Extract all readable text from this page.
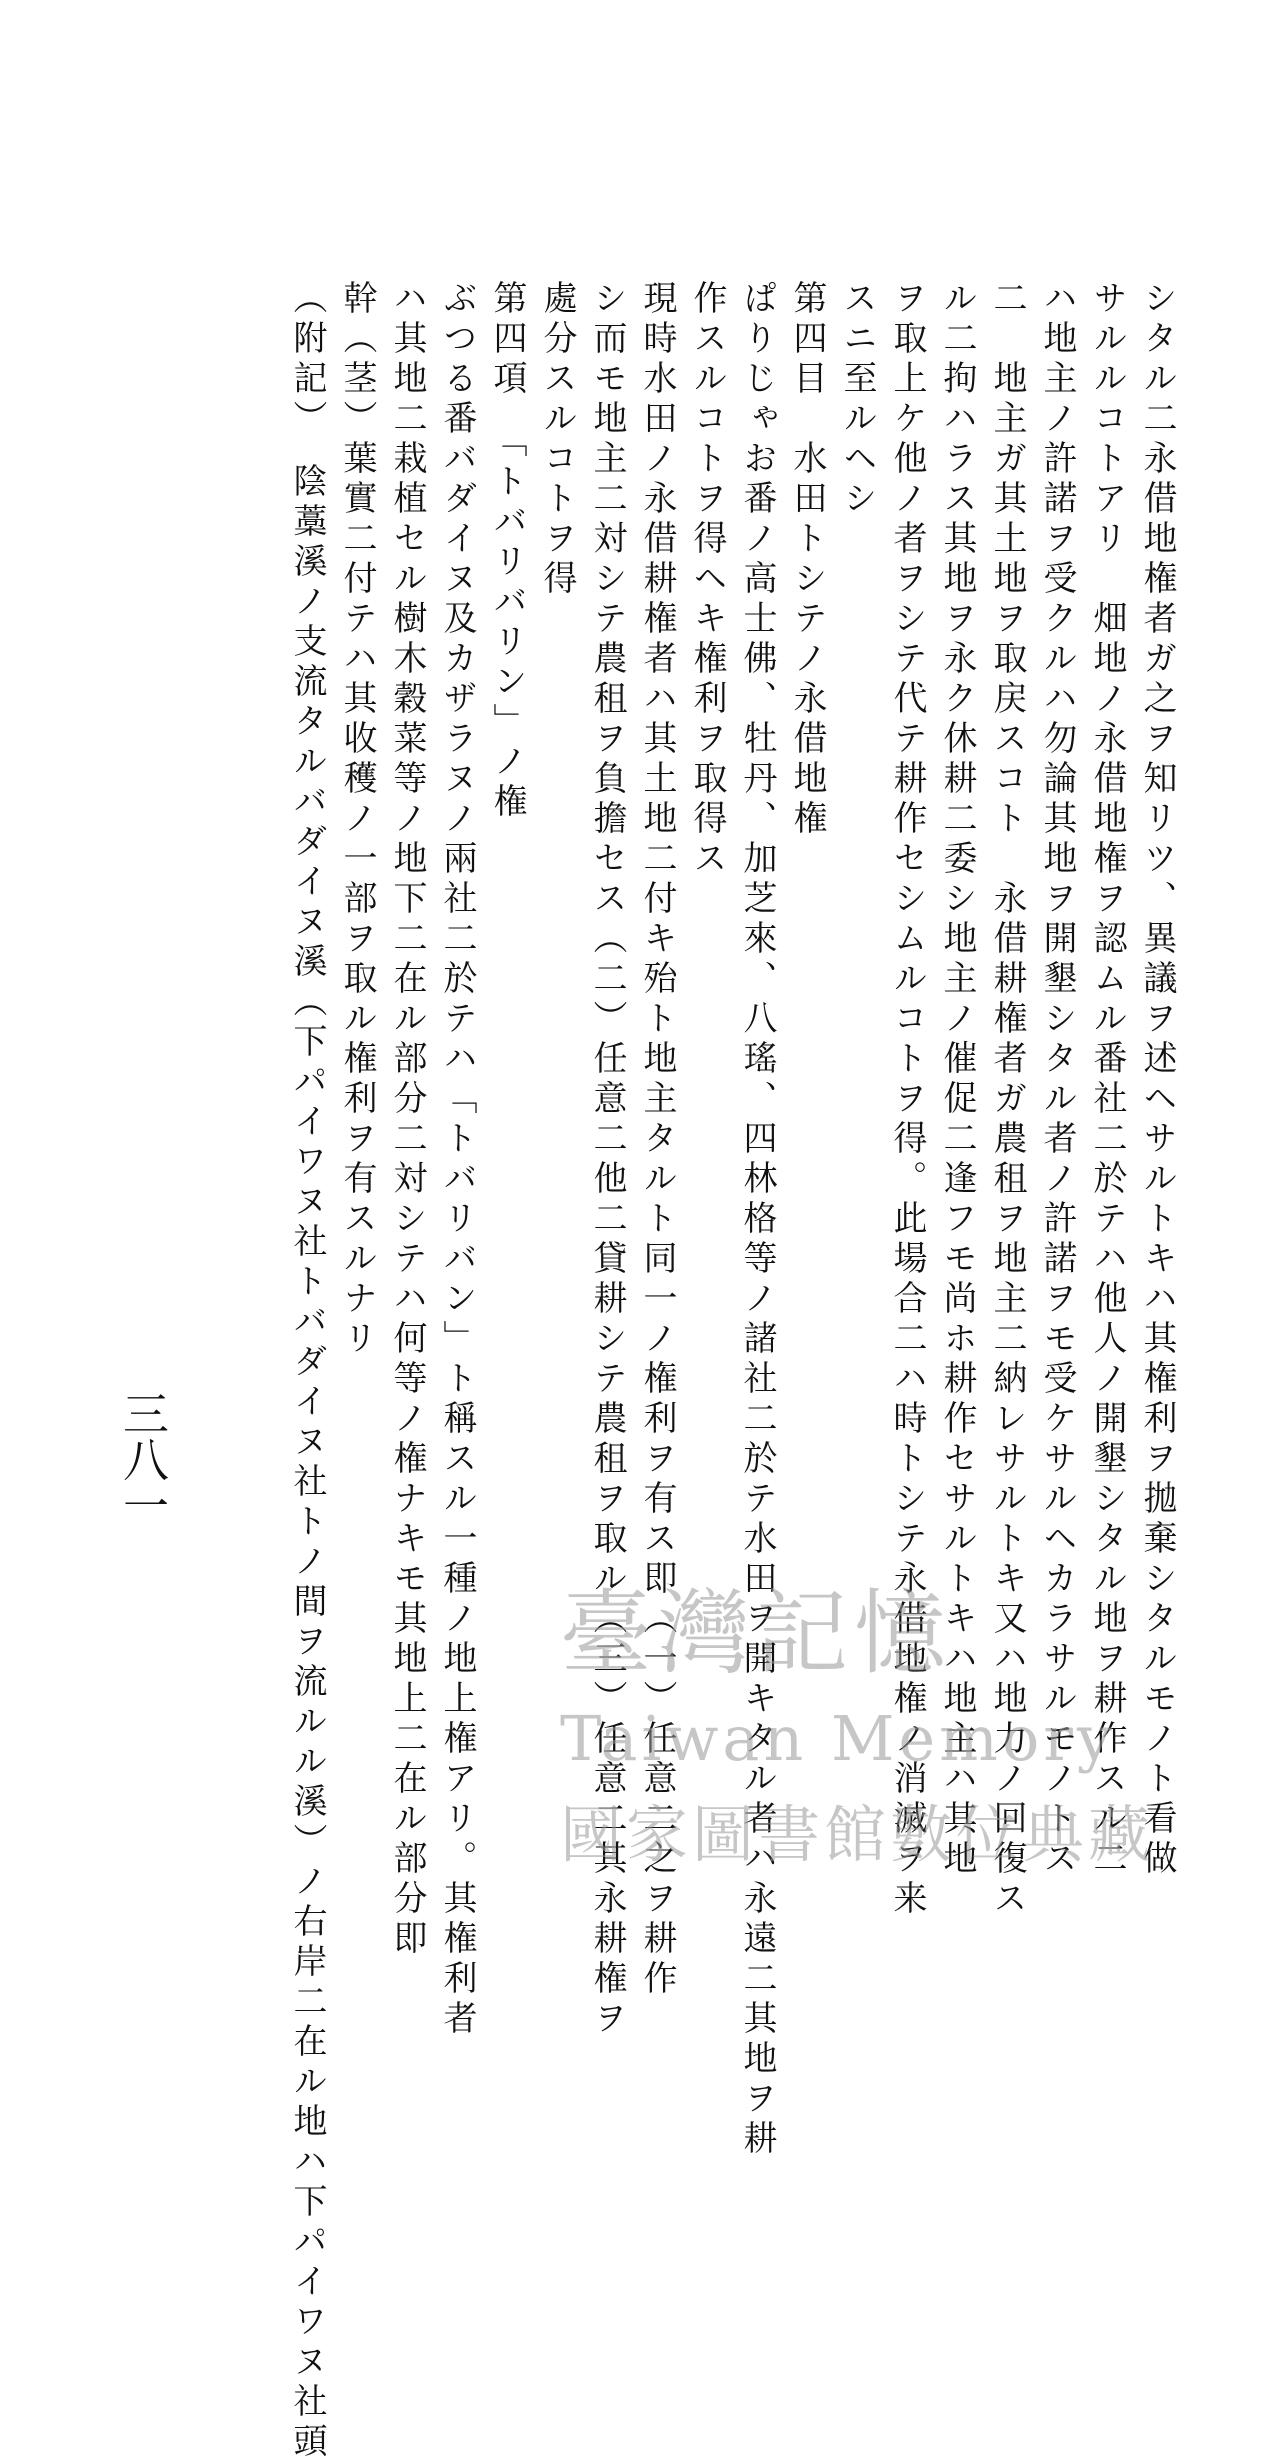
シタル二永借地権者ガ之ヲ知リツ、異議ヲ述ヘサルトキハ其権利ヲ拋棄シタルモノト看做
サルルコトアリ　畑地ノ永借地権ヲ認ムル番社二於テハ他人ノ開墾シタル地ヲ耕作スル二
ハ地主ノ許諾ヲ受クルハ勿論其地ヲ開墾シタル者ノ許諾ヲモ受ケサルヘカラサルモノトス
二　地主ガ其土地ヲ取戻スコト　永借耕権者ガ農租ヲ地主二納レサルトキ又ハ地力ノ回復ス
ル二拘ハラス其地ヲ永ク休耕二委シ地主ノ催促二逢フモ尚ホ耕作セサルトキハ地主ハ其地
ヲ取上ケ他ノ者ヲシテ代テ耕作セシムルコトヲ得。此場合二ハ時トシテ永借地権ノ消滅ヲ来
スニ至ルヘシ
第四目　水田トシテノ永借地権
ぱりじゃお番ノ高士佛、牡丹、加芝來、八瑤、四林格等ノ諸社二於テ水田ヲ開キタル者ハ永遠二其地ヲ耕
作スルコトヲ得ヘキ権利ヲ取得ス
現時水田ノ永借耕権者ハ其土地二付キ殆ト地主タルト同一ノ権利ヲ有ス即（一）任意二之ヲ耕作
シ而モ地主二対シテ農租ヲ負擔セス（二）任意二他二貸耕シテ農租ヲ取ル（三）任意二其永耕権ヲ
處分スルコトヲ得
第四項　「トバリバリン」ノ権
ぶつる番バダイヌ及カザラヌノ兩社二於テハ「トバリバン」ト稱スル一種ノ地上権アリ。其権利者
ハ其地二栽植セル樹木穀菜等ノ地下二在ル部分二対シテハ何等ノ権ナキモ其地上二在ル部分即
幹（茎）葉實二付テハ其收穫ノ一部ヲ取ル権利ヲ有スルナリ
（附記）　陰藁溪ノ支流タルバダイヌ溪（下パイワヌ社トバダイヌ社トノ間ヲ流ルル溪）ノ右岸二在ル地ハ下パイワヌ社頭
三八一
臺灣記憶
Taiwan Memory
國家圖書館數位典藏
